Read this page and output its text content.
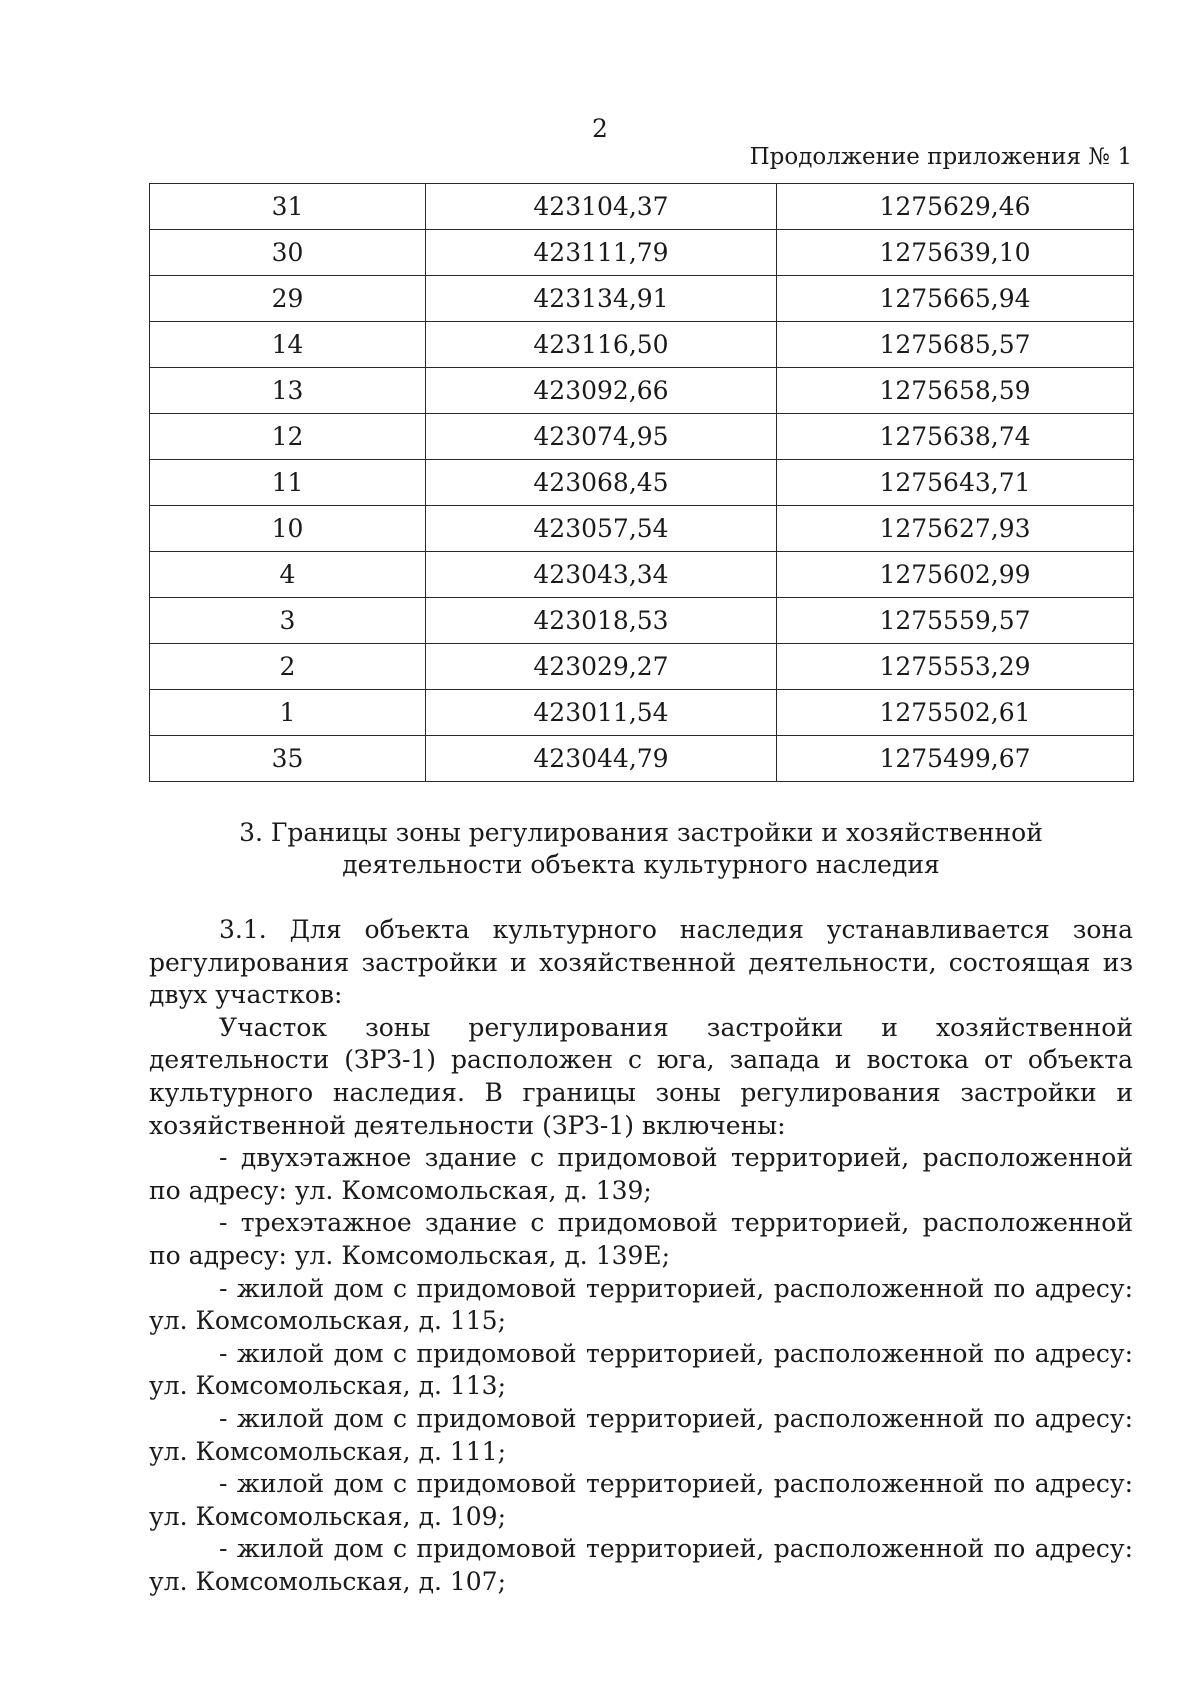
2
Продолжение приложения № 1
31	423104,37	1275629,46
30	423111,79	1275639,10
29	423134,91	1275665,94
14	423116,50	1275685,57
13	423092,66	1275658,59
12	423074,95	1275638,74
11	423068,45	1275643,71
10	423057,54	1275627,93
4	423043,34	1275602,99
3	423018,53	1275559,57
2	423029,27	1275553,29
1	423011,54	1275502,61
35	423044,79	1275499,67
3. Границы зоны регулирования застройки и хозяйственной
деятельности объекта культурного наследия

3.1. Для объекта культурного наследия устанавливается зона регулирования застройки и хозяйственной деятельности, состоящая из двух участков:

Участок зоны регулирования застройки и хозяйственной деятельности (ЗРЗ-1) расположен с юга, запада и востока от объекта культурного наследия. В границы зоны регулирования застройки и хозяйственной деятельности (ЗРЗ-1) включены:

- двухэтажное здание с придомовой территорией, расположенной по адресу: ул. Комсомольская, д. 139;

- трехэтажное здание с придомовой территорией, расположенной по адресу: ул. Комсомольская, д. 139Е;

- жилой дом с придомовой территорией, расположенной по адресу: ул. Комсомольская, д. 115;

- жилой дом с придомовой территорией, расположенной по адресу: ул. Комсомольская, д. 113;

- жилой дом с придомовой территорией, расположенной по адресу: ул. Комсомольская, д. 111;

- жилой дом с придомовой территорией, расположенной по адресу: ул. Комсомольская, д. 109;

- жилой дом с придомовой территорией, расположенной по адресу: ул. Комсомольская, д. 107;
